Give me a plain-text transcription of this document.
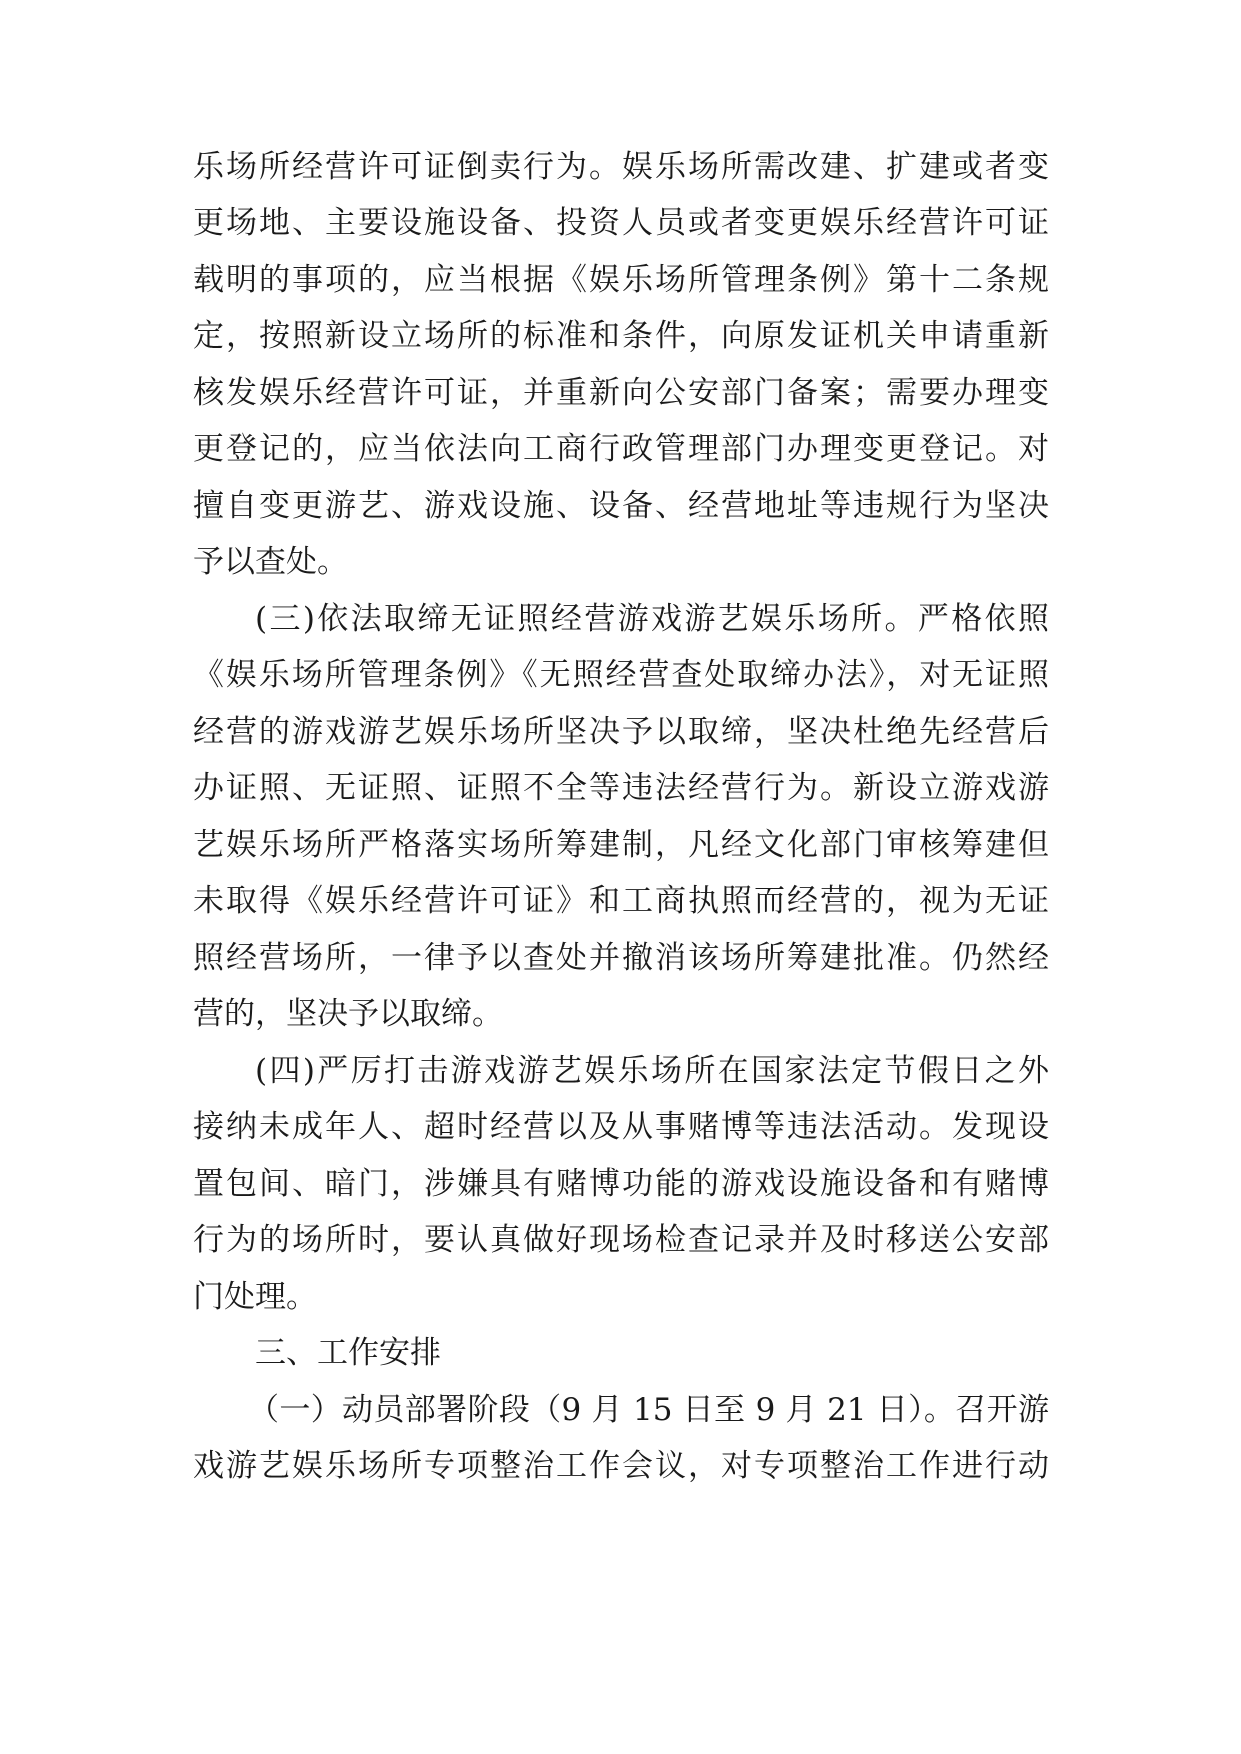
乐场所经营许可证倒卖行为。娱乐场所需改建、扩建或者变
更场地、主要设施设备、投资人员或者变更娱乐经营许可证
载明的事项的，应当根据《娱乐场所管理条例》第十二条规
定，按照新设立场所的标准和条件，向原发证机关申请重新
核发娱乐经营许可证，并重新向公安部门备案；需要办理变
更登记的，应当依法向工商行政管理部门办理变更登记。对
擅自变更游艺、游戏设施、设备、经营地址等违规行为坚决
予以查处。
(三)依法取缔无证照经营游戏游艺娱乐场所。严格依照
《娱乐场所管理条例》《无照经营查处取缔办法》，对无证照
经营的游戏游艺娱乐场所坚决予以取缔，坚决杜绝先经营后
办证照、无证照、证照不全等违法经营行为。新设立游戏游
艺娱乐场所严格落实场所筹建制，凡经文化部门审核筹建但
未取得《娱乐经营许可证》和工商执照而经营的，视为无证
照经营场所，一律予以查处并撤消该场所筹建批准。仍然经
营的，坚决予以取缔。
(四)严厉打击游戏游艺娱乐场所在国家法定节假日之外
接纳未成年人、超时经营以及从事赌博等违法活动。发现设
置包间、暗门，涉嫌具有赌博功能的游戏设施设备和有赌博
行为的场所时，要认真做好现场检查记录并及时移送公安部
门处理。
三、工作安排
（一）动员部署阶段（9 月 15 日至 9 月 21 日）。召开游
戏游艺娱乐场所专项整治工作会议，对专项整治工作进行动
